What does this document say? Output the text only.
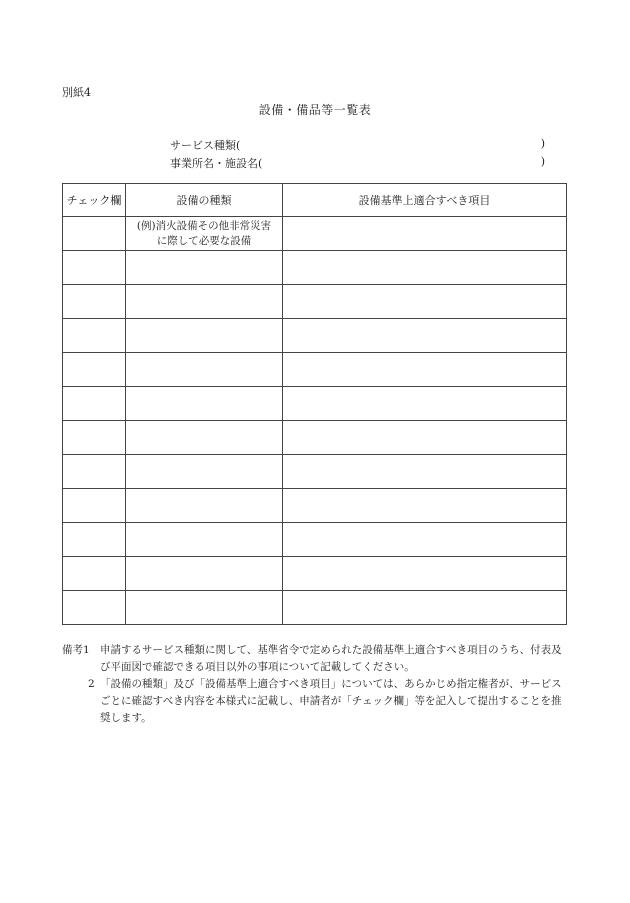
別紙4
設備・備品等一覧表
サービス種類(	)
事業所名・施設名(	)
チェック欄	設備の種類	設備基準上適合すべき項目

	(例)消火設備その他非常災害
に際して必要な設備	

備考1 申請するサービス種類に関して、基準省令で定められた設備基準上適合すべき項目のうち、付表及び平面図で確認できる項目以外の事項について記載してください。
2 「設備の種類」及び「設備基準上適合すべき項目」については、あらかじめ指定権者が、サービスごとに確認すべき内容を本様式に記載し、申請者が「チェック欄」等を記入して提出することを推奨します。
